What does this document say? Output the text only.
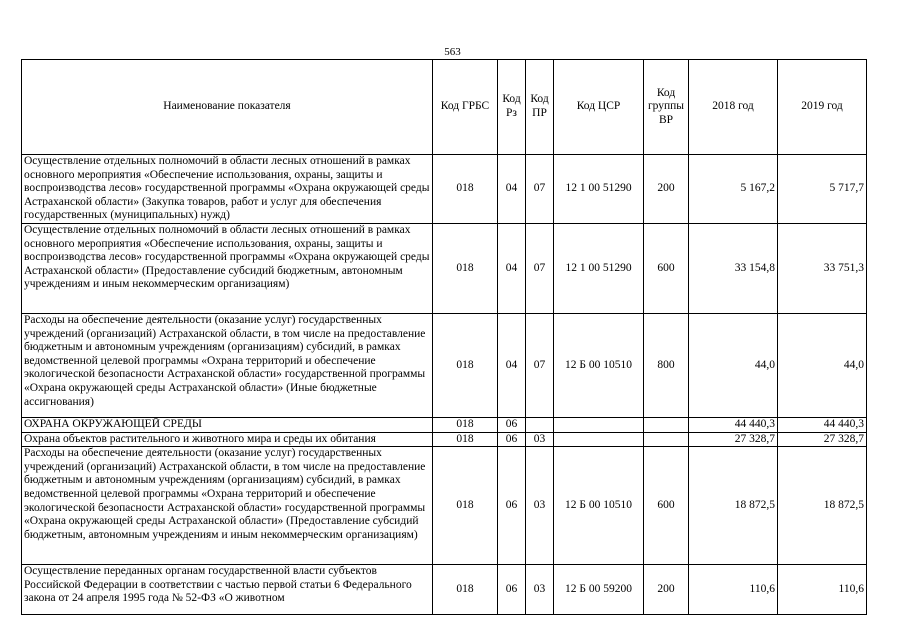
563
Наименование показателя	Код ГРБС	Код Рз	Код ПР	Код ЦСР	Код группы ВР	2018 год	2019 год
Осуществление отдельных полномочий в области лесных отношений в рамках основного мероприятия «Обеспечение использования, охраны, защиты и воспроизводства лесов» государственной программы «Охрана окружающей среды Астраханской области» (Закупка товаров, работ и услуг для обеспечения государственных (муниципальных) нужд)	018	04	07	12 1 00 51290	200	5 167,2	5 717,7
Осуществление отдельных полномочий в области лесных отношений в рамках основного мероприятия «Обеспечение использования, охраны, защиты и воспроизводства лесов» государственной программы «Охрана окружающей среды Астраханской области» (Предоставление субсидий бюджетным, автономным учреждениям и иным некоммерческим организациям)	018	04	07	12 1 00 51290	600	33 154,8	33 751,3
Расходы на обеспечение деятельности (оказание услуг) государственных учреждений (организаций) Астраханской области, в том числе на предоставление бюджетным и автономным учреждениям (организациям) субсидий, в рамках ведомственной целевой программы «Охрана территорий и обеспечение экологической безопасности Астраханской области» государственной программы «Охрана окружающей среды Астраханской области» (Иные бюджетные ассигнования)	018	04	07	12 Б 00 10510	800	44,0	44,0
ОХРАНА ОКРУЖАЮЩЕЙ СРЕДЫ	018	06				44 440,3	44 440,3
Охрана объектов растительного и животного мира и среды их обитания	018	06	03			27 328,7	27 328,7
Расходы на обеспечение деятельности (оказание услуг) государственных учреждений (организаций) Астраханской области, в том числе на предоставление бюджетным и автономным учреждениям (организациям) субсидий, в рамках ведомственной целевой программы «Охрана территорий и обеспечение экологической безопасности Астраханской области» государственной программы «Охрана окружающей среды Астраханской области» (Предоставление субсидий бюджетным, автономным учреждениям и иным некоммерческим организациям)	018	06	03	12 Б 00 10510	600	18 872,5	18 872,5
Осуществление переданных органам государственной власти субъектов Российской Федерации в соответствии с частью первой статьи 6 Федерального закона от 24 апреля 1995 года № 52-ФЗ «О животном	018	06	03	12 Б 00 59200	200	110,6	110,6
